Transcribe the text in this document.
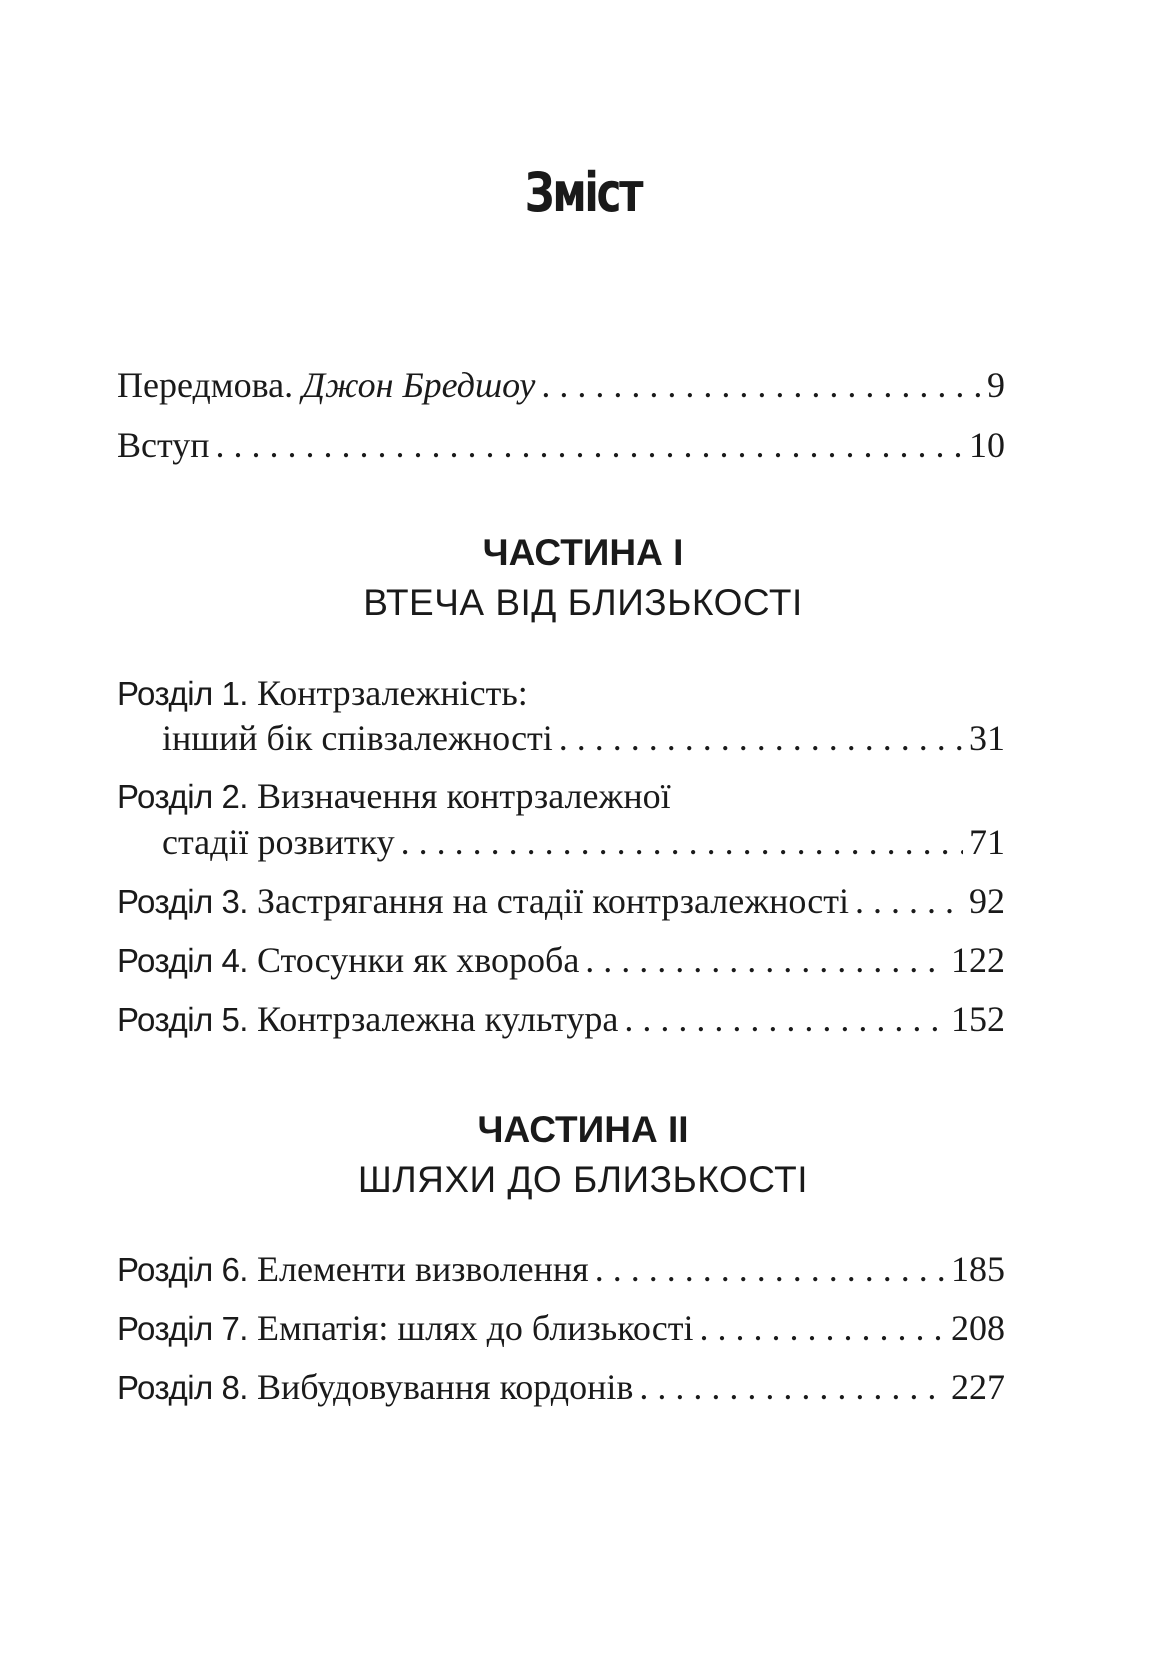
Зміст
Передмова. Джон Бредшоу . . .	9
Вступ . . .	10
ЧАСТИНА І
ВТЕЧА ВІД БЛИЗЬКОСТІ
Розділ 1. Контрзалежність:
інший бік співзалежності . . .	31
Розділ 2. Визначення контрзалежної
стадії розвитку . . .	71
Розділ 3. Застрягання на стадії контрзалежності . . .	92
Розділ 4. Стосунки як хвороба . . .	122
Розділ 5. Контрзалежна культура . . .	152
ЧАСТИНА ІІ
ШЛЯХИ ДО БЛИЗЬКОСТІ
Розділ 6. Елементи визволення . . .	185
Розділ 7. Емпатія: шлях до близькості . . .	208
Розділ 8. Вибудовування кордонів . . .	227
